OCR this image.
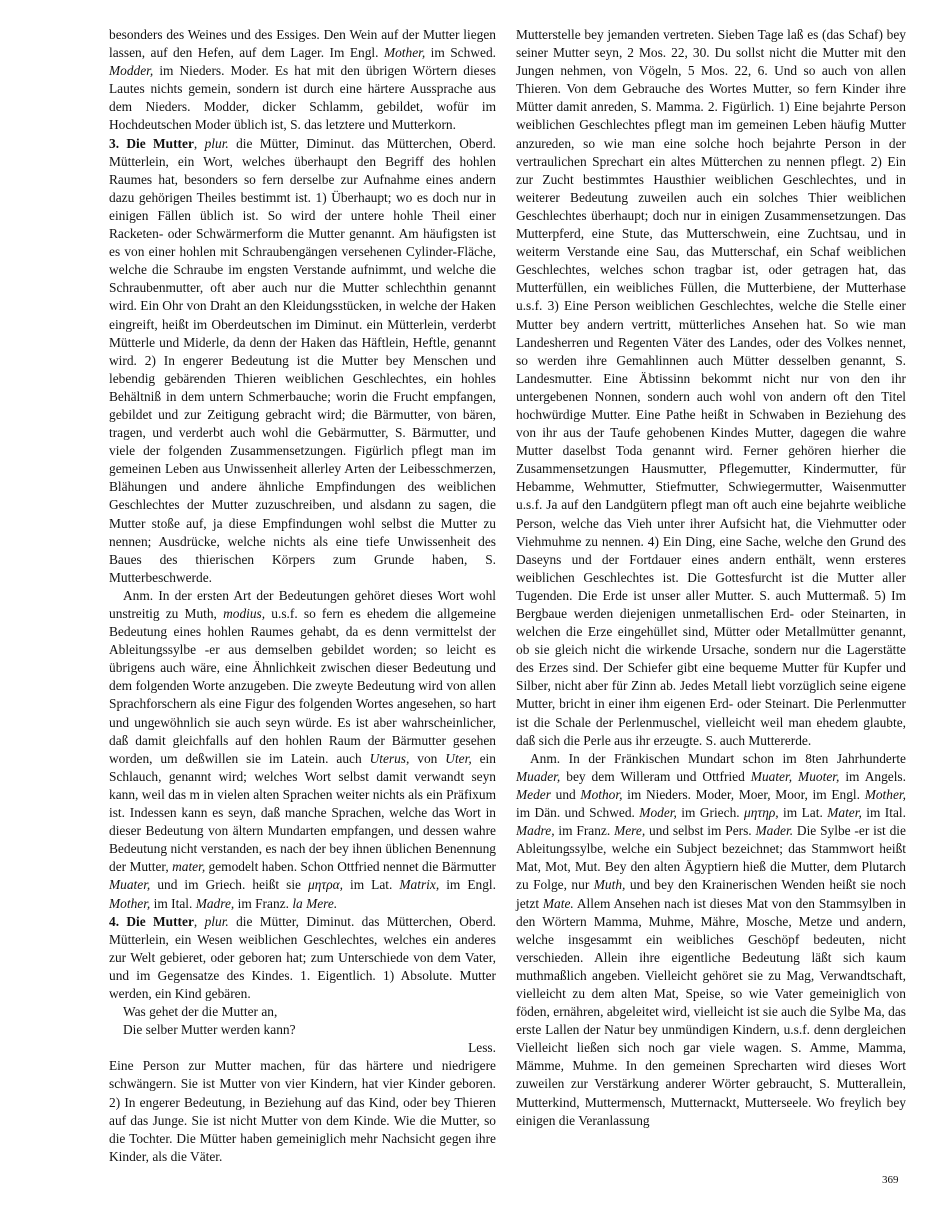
besonders des Weines und des Essiges. Den Wein auf der Mutter liegen lassen, auf den Hefen, auf dem Lager. Im Engl. Mother, im Schwed. Modder, im Nieders. Moder. Es hat mit den übrigen Wörtern dieses Lautes nichts gemein, sondern ist durch eine härtere Aussprache aus dem Nieders. Modder, dicker Schlamm, gebildet, wofür im Hochdeutschen Moder üblich ist, S. das letztere und Mutterkorn.

3. Die Mutter, plur. die Mütter, Diminut. das Mütterchen, Oberd. Mütterlein, ein Wort, welches überhaupt den Begriff des hohlen Raumes hat, besonders so fern derselbe zur Aufnahme eines andern dazu gehörigen Theiles bestimmt ist. 1) Überhaupt; wo es doch nur in einigen Fällen üblich ist. So wird der untere hohle Theil einer Racketen- oder Schwärmerform die Mutter genannt. Am häufigsten ist es von einer hohlen mit Schraubengängen versehenen Cylinder-Fläche, welche die Schraube im engsten Verstande aufnimmt, und welche die Schraubenmutter, oft aber auch nur die Mutter schlechthin genannt wird. Ein Ohr von Draht an den Kleidungsstücken, in welche der Haken eingreift, heißt im Oberdeutschen im Diminut. ein Mütterlein, verderbt Mütterle und Miderle, da denn der Haken das Häftlein, Heftle, genannt wird. 2) In engerer Bedeutung ist die Mutter bey Menschen und lebendig gebärenden Thieren weiblichen Geschlechtes, ein hohles Behältniß in dem untern Schmerbauche; worin die Frucht empfangen, gebildet und zur Zeitigung gebracht wird; die Bärmutter, von bären, tragen, und verderbt auch wohl die Gebärmutter, S. Bärmutter, und viele der folgenden Zusammensetzungen. Figürlich pflegt man im gemeinen Leben aus Unwissenheit allerley Arten der Leibesschmerzen, Blähungen und andere ähnliche Empfindungen des weiblichen Geschlechtes der Mutter zuzuschreiben, und alsdann zu sagen, die Mutter stoße auf, ja diese Empfindungen wohl selbst die Mutter zu nennen; Ausdrücke, welche nichts als eine tiefe Unwissenheit des Baues des thierischen Körpers zum Grunde haben, S. Mutterbeschwerde.

Anm. In der ersten Art der Bedeutungen gehöret dieses Wort wohl unstreitig zu Muth, modius, u.s.f. so fern es ehedem die allgemeine Bedeutung eines hohlen Raumes gehabt, da es denn vermittelst der Ableitungssylbe -er aus demselben gebildet worden; so leicht es übrigens auch wäre, eine Ähnlichkeit zwischen dieser Bedeutung und dem folgenden Worte anzugeben. Die zweyte Bedeutung wird von allen Sprachforschern als eine Figur des folgenden Wortes angesehen, so hart und ungewöhnlich sie auch seyn würde. Es ist aber wahrscheinlicher, daß damit gleichfalls auf den hohlen Raum der Bärmutter gesehen worden, um deßwillen sie im Latein. auch Uterus, von Uter, ein Schlauch, genannt wird; welches Wort selbst damit verwandt seyn kann, weil das m in vielen alten Sprachen weiter nichts als ein Präfixum ist. Indessen kann es seyn, daß manche Sprachen, welche das Wort in dieser Bedeutung von ältern Mundarten empfangen, und dessen wahre Bedeutung nicht verstanden, es nach der bey ihnen üblichen Benennung der Mutter, mater, gemodelt haben. Schon Ottfried nennet die Bärmutter Muater, und im Griech. heißt sie μητρα, im Lat. Matrix, im Engl. Mother, im Ital. Madre, im Franz. la Mere.

4. Die Mutter, plur. die Mütter, Diminut. das Mütterchen, Oberd. Mütterlein, ein Wesen weiblichen Geschlechtes, welches ein anderes zur Welt gebieret, oder geboren hat; zum Unterschiede von dem Vater, und im Gegensatze des Kindes. 1. Eigentlich. 1) Absolute. Mutter werden, ein Kind gebären.

Was gehet der die Mutter an,

Die selber Mutter werden kann?

Less.

Eine Person zur Mutter machen, für das härtere und niedrigere schwängern. Sie ist Mutter von vier Kindern, hat vier Kinder geboren. 2) In engerer Bedeutung, in Beziehung auf das Kind, oder bey Thieren auf das Junge. Sie ist nicht Mutter von dem Kinde. Wie die Mutter, so die Tochter. Die Mütter haben gemeiniglich mehr Nachsicht gegen ihre Kinder, als die Väter.

Mutterstelle bey jemanden vertreten. Sieben Tage laß es (das Schaf) bey seiner Mutter seyn, 2 Mos. 22, 30. Du sollst nicht die Mutter mit den Jungen nehmen, von Vögeln, 5 Mos. 22, 6. Und so auch von allen Thieren. Von dem Gebrauche des Wortes Mutter, so fern Kinder ihre Mütter damit anreden, S. Mamma. 2. Figürlich. 1) Eine bejahrte Person weiblichen Geschlechtes pflegt man im gemeinen Leben häufig Mutter anzureden, so wie man eine solche hoch bejahrte Person in der vertraulichen Sprechart ein altes Mütterchen zu nennen pflegt. 2) Ein zur Zucht bestimmtes Hausthier weiblichen Geschlechtes, und in weiterer Bedeutung zuweilen auch ein solches Thier weiblichen Geschlechtes überhaupt; doch nur in einigen Zusammensetzungen. Das Mutterpferd, eine Stute, das Mutterschwein, eine Zuchtsau, und in weiterm Verstande eine Sau, das Mutterschaf, ein Schaf weiblichen Geschlechtes, welches schon tragbar ist, oder getragen hat, das Mutterfüllen, ein weibliches Füllen, die Mutterbiene, der Mutterhase u.s.f. 3) Eine Person weiblichen Geschlechtes, welche die Stelle einer Mutter bey andern vertritt, mütterliches Ansehen hat. So wie man Landesherren und Regenten Väter des Landes, oder des Volkes nennet, so werden ihre Gemahlinnen auch Mütter desselben genannt, S. Landesmutter. Eine Äbtissinn bekommt nicht nur von den ihr untergebenen Nonnen, sondern auch wohl von andern oft den Titel hochwürdige Mutter. Eine Pathe heißt in Schwaben in Beziehung des von ihr aus der Taufe gehobenen Kindes Mutter, dagegen die wahre Mutter daselbst Toda genannt wird. Ferner gehören hierher die Zusammensetzungen Hausmutter, Pflegemutter, Kindermutter, für Hebamme, Wehmutter, Stiefmutter, Schwiegermutter, Waisenmutter u.s.f. Ja auf den Landgütern pflegt man oft auch eine bejahrte weibliche Person, welche das Vieh unter ihrer Aufsicht hat, die Viehmutter oder Viehmuhme zu nennen. 4) Ein Ding, eine Sache, welche den Grund des Daseyns und der Fortdauer eines andern enthält, wenn ersteres weiblichen Geschlechtes ist. Die Gottesfurcht ist die Mutter aller Tugenden. Die Erde ist unser aller Mutter. S. auch Muttermaß. 5) Im Bergbaue werden diejenigen unmetallischen Erd- oder Steinarten, in welchen die Erze eingehüllet sind, Mütter oder Metallmütter genannt, ob sie gleich nicht die wirkende Ursache, sondern nur die Lagerstätte des Erzes sind. Der Schiefer gibt eine bequeme Mutter für Kupfer und Silber, nicht aber für Zinn ab. Jedes Metall liebt vorzüglich seine eigene Mutter, bricht in einer ihm eigenen Erd- oder Steinart. Die Perlenmutter ist die Schale der Perlenmuschel, vielleicht weil man ehedem glaubte, daß sich die Perle aus ihr erzeugte. S. auch Muttererde.

Anm. In der Fränkischen Mundart schon im 8ten Jahrhunderte Muader, bey dem Willeram und Ottfried Muater, Muoter, im Angels. Meder und Mothor, im Nieders. Moder, Moer, Moor, im Engl. Mother, im Dän. und Schwed. Moder, im Griech. μητηρ, im Lat. Mater, im Ital. Madre, im Franz. Mere, und selbst im Pers. Mader. Die Sylbe -er ist die Ableitungssylbe, welche ein Subject bezeichnet; das Stammwort heißt Mat, Mot, Mut. Bey den alten Ägyptiern hieß die Mutter, dem Plutarch zu Folge, nur Muth, und bey den Krainerischen Wenden heißt sie noch jetzt Mate. Allem Ansehen nach ist dieses Mat von den Stammsylben in den Wörtern Mamma, Muhme, Mähre, Mosche, Metze und andern, welche insgesammt ein weibliches Geschöpf bedeuten, nicht verschieden. Allein ihre eigentliche Bedeutung läßt sich kaum muthmaßlich angeben. Vielleicht gehöret sie zu Mag, Verwandtschaft, vielleicht zu dem alten Mat, Speise, so wie Vater gemeiniglich von föden, ernähren, abgeleitet wird, vielleicht ist sie auch die Sylbe Ma, das erste Lallen der Natur bey unmündigen Kindern, u.s.f. denn dergleichen Vielleicht ließen sich noch gar viele wagen. S. Amme, Mamma, Mämme, Muhme. In den gemeinen Sprecharten wird dieses Wort zuweilen zur Verstärkung anderer Wörter gebraucht, S. Mutterallein, Mutterkind, Muttermensch, Mutternackt, Mutterseele. Wo freylich bey einigen die Veranlassung

369
